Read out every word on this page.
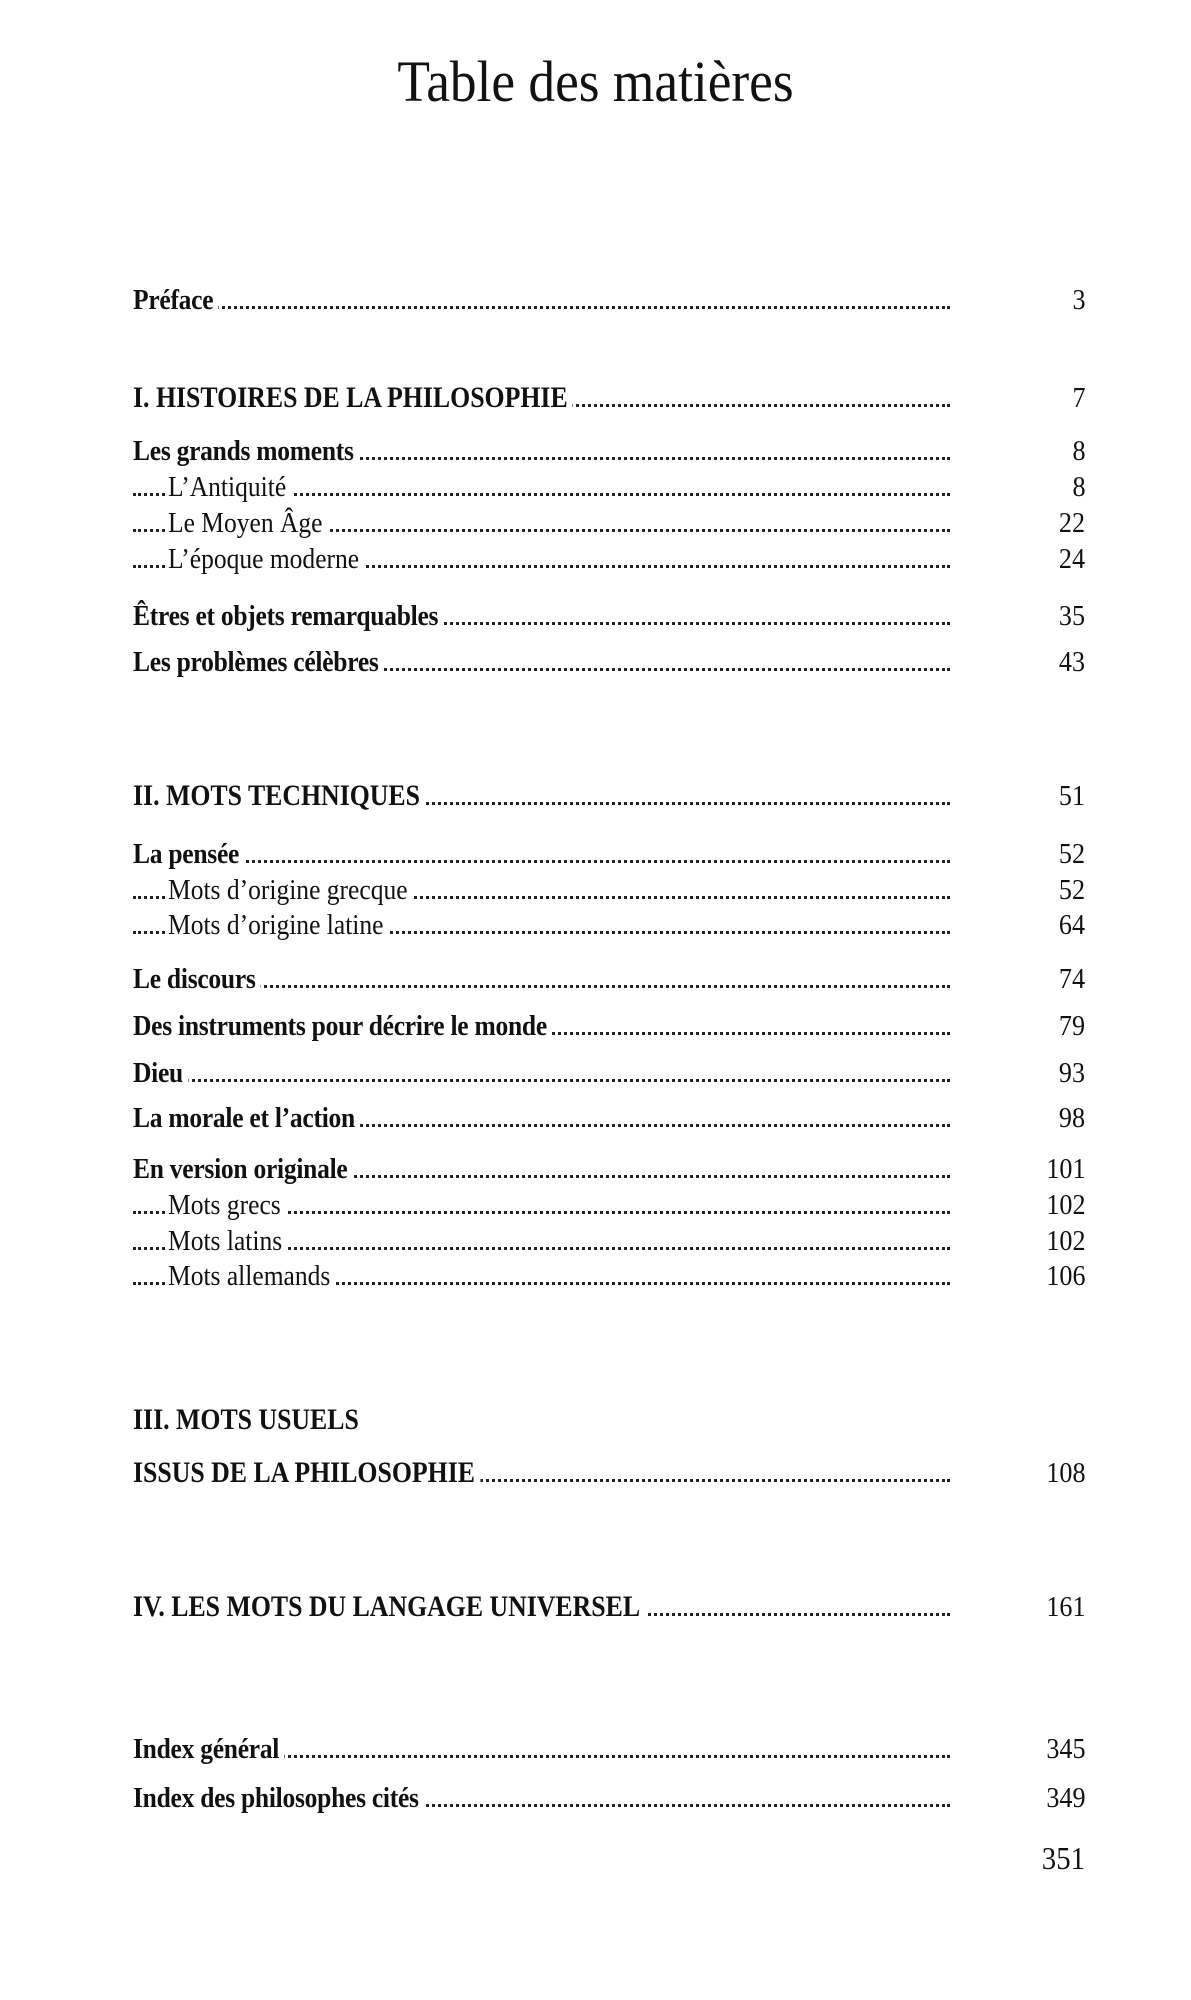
Table des matières
Préface	3
I. HISTOIRES DE LA PHILOSOPHIE	7
Les grands moments	8
L’Antiquité	8
Le Moyen Âge	22
L’époque moderne	24
Êtres et objets remarquables	35
Les problèmes célèbres	43
II. MOTS TECHNIQUES	51
La pensée	52
Mots d’origine grecque	52
Mots d’origine latine	64
Le discours	74
Des instruments pour décrire le monde	79
Dieu	93
La morale et l’action	98
En version originale	101
Mots grecs	102
Mots latins	102
Mots allemands	106
III. MOTS USUELS
ISSUS DE LA PHILOSOPHIE	108
IV. LES MOTS DU LANGAGE UNIVERSEL	161
Index général	345
Index des philosophes cités	349
351
